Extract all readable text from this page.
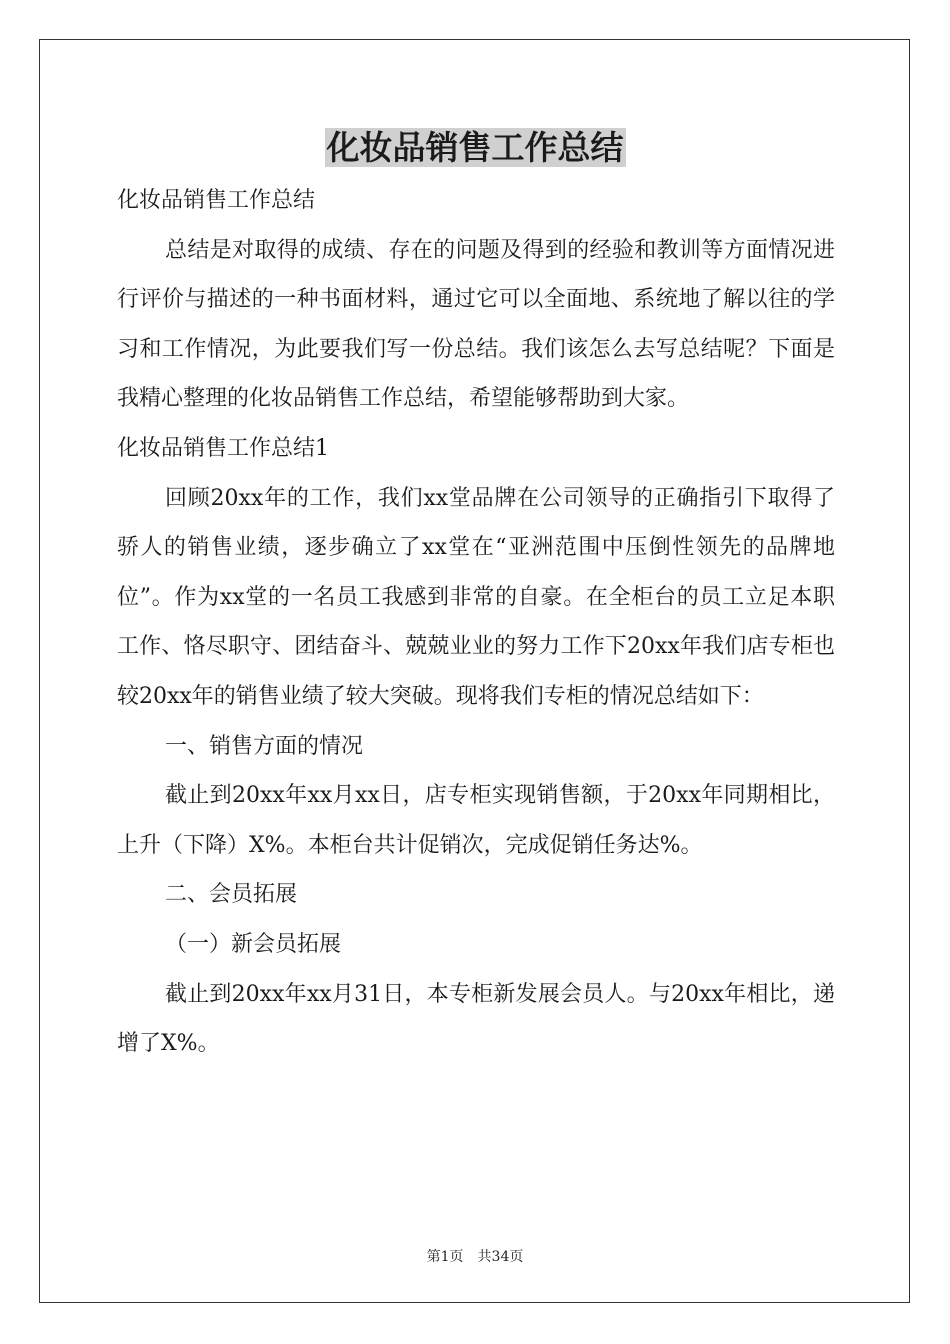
化妆品销售工作总结

化妆品销售工作总结

总结是对取得的成绩、存在的问题及得到的经验和教训等方面情况进行评价与描述的一种书面材料，通过它可以全面地、系统地了解以往的学习和工作情况，为此要我们写一份总结。我们该怎么去写总结呢？下面是我精心整理的化妆品销售工作总结，希望能够帮助到大家。

化妆品销售工作总结1

回顾20xx年的工作，我们xx堂品牌在公司领导的正确指引下取得了骄人的销售业绩，逐步确立了xx堂在“亚洲范围中压倒性领先的品牌地位”。作为xx堂的一名员工我感到非常的自豪。在全柜台的员工立足本职工作、恪尽职守、团结奋斗、兢兢业业的努力工作下20xx年我们店专柜也较20xx年的销售业绩了较大突破。现将我们专柜的情况总结如下：

一、销售方面的情况

截止到20xx年xx月xx日，店专柜实现销售额，于20xx年同期相比，上升（下降）X%。本柜台共计促销次，完成促销任务达%。

二、会员拓展

（一）新会员拓展

截止到20xx年xx月31日，本专柜新发展会员人。与20xx年相比，递增了X%。

第1页　共34页
